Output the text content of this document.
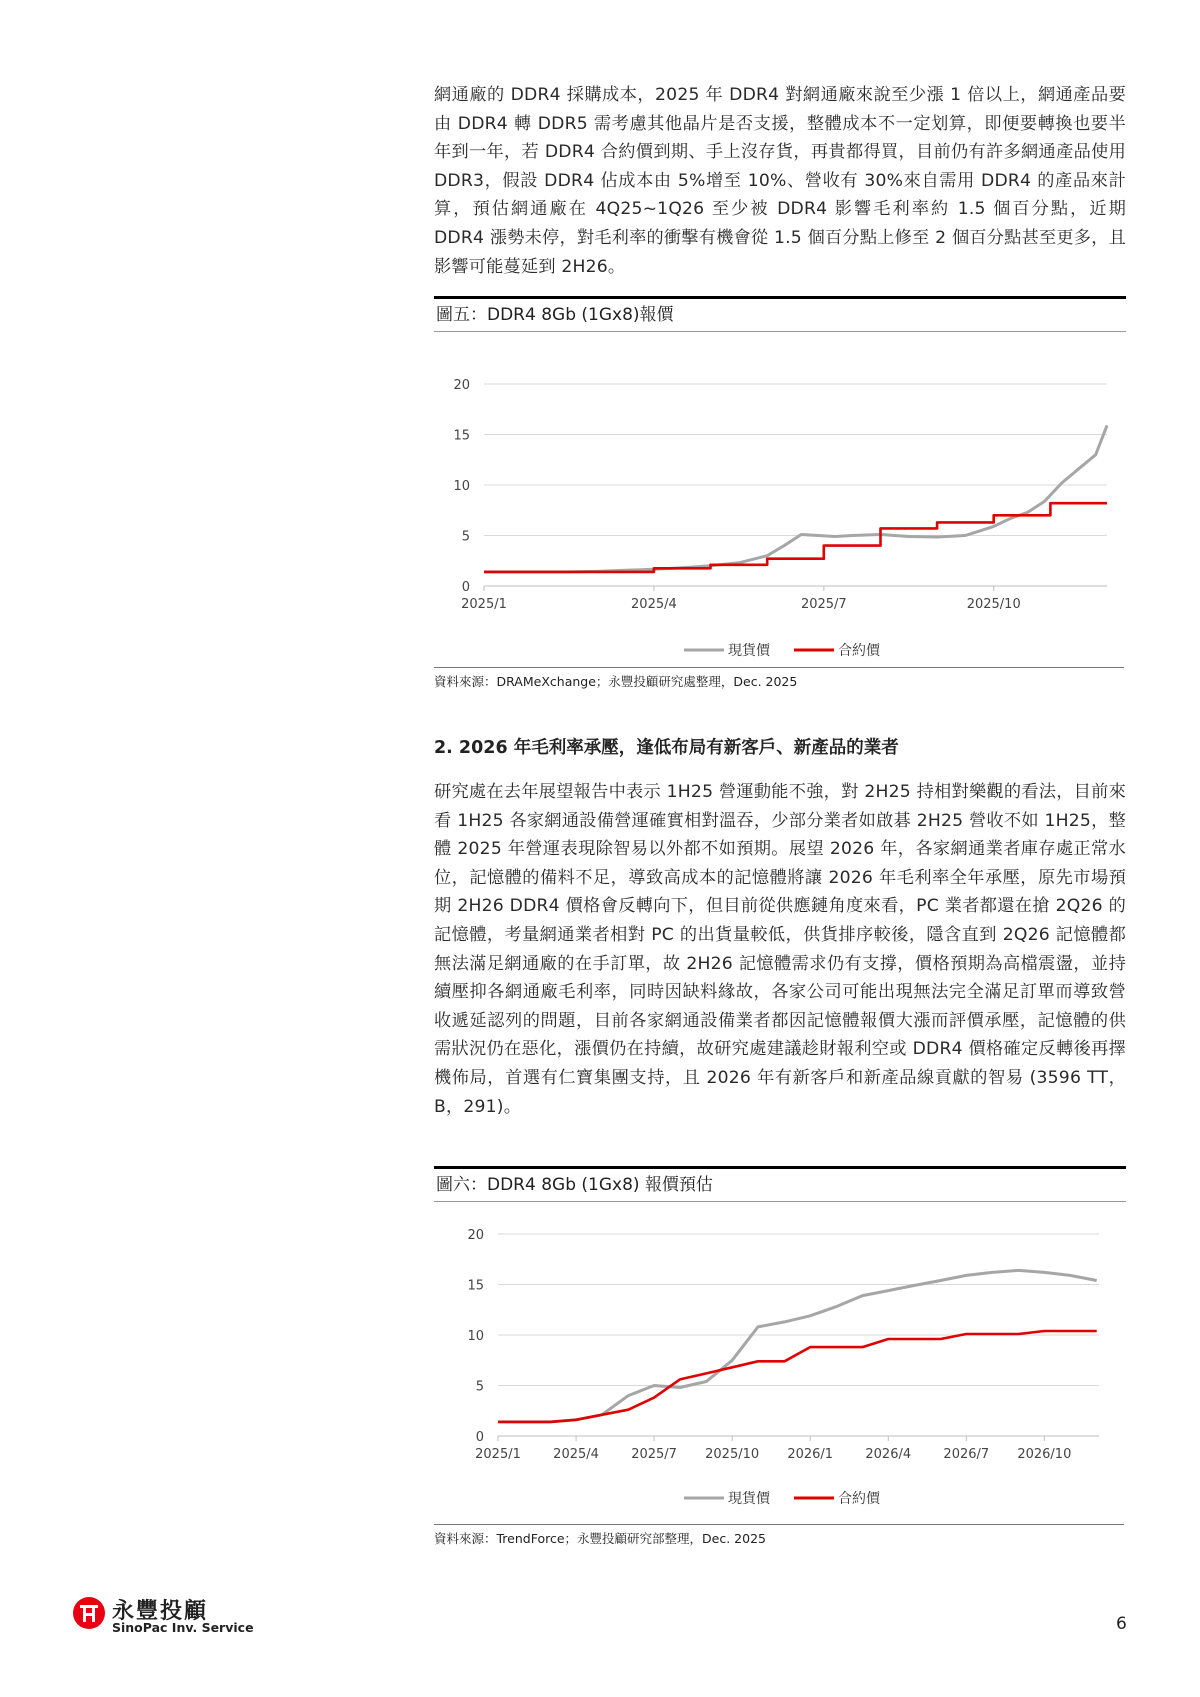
網通廠的 DDR4 採購成本，2025 年 DDR4 對網通廠來說至少漲 1 倍以上，網通產品要由 DDR4 轉 DDR5 需考慮其他晶片是否支援，整體成本不一定划算，即便要轉換也要半年到一年，若 DDR4 合約價到期、手上沒存貨，再貴都得買，目前仍有許多網通產品使用 DDR3，假設 DDR4 佔成本由 5%增至 10%、營收有 30%來自需用 DDR4 的產品來計算，預估網通廠在 4Q25~1Q26 至少被 DDR4 影響毛利率約 1.5 個百分點，近期 DDR4 漲勢未停，對毛利率的衝擊有機會從 1.5 個百分點上修至 2 個百分點甚至更多，且影響可能蔓延到 2H26。

圖五：DDR4 8Gb (1Gx8)報價
0
5
10
15
20
2025/1	2025/4	2025/7	2025/10
現貨價	合約價
資料來源：DRAMeXchange；永豐投顧研究處整理，Dec. 2025
2. 2026 年毛利率承壓，逢低布局有新客戶、新產品的業者

研究處在去年展望報告中表示 1H25 營運動能不強，對 2H25 持相對樂觀的看法，目前來看 1H25 各家網通設備營運確實相對溫吞，少部分業者如啟碁 2H25 營收不如 1H25，整體 2025 年營運表現除智易以外都不如預期。展望 2026 年，各家網通業者庫存處正常水位，記憶體的備料不足，導致高成本的記憶體將讓 2026 年毛利率全年承壓，原先市場預期 2H26 DDR4 價格會反轉向下，但目前從供應鏈角度來看，PC 業者都還在搶 2Q26 的記憶體，考量網通業者相對 PC 的出貨量較低，供貨排序較後，隱含直到 2Q26 記憶體都無法滿足網通廠的在手訂單，故 2H26 記憶體需求仍有支撐，價格預期為高檔震盪，並持續壓抑各網通廠毛利率，同時因缺料緣故，各家公司可能出現無法完全滿足訂單而導致營收遞延認列的問題，目前各家網通設備業者都因記憶體報價大漲而評價承壓，記憶體的供需狀況仍在惡化，漲價仍在持續，故研究處建議趁財報利空或 DDR4 價格確定反轉後再擇機佈局，首選有仁寶集團支持，且 2026 年有新客戶和新產品線貢獻的智易 (3596 TT，B，291)。

圖六：DDR4 8Gb (1Gx8) 報價預估
0
5
10
15
20
2025/1 2025/4 2025/7 2025/10 2026/1 2026/4 2026/7 2026/10
現貨價	合約價
資料來源：TrendForce；永豐投顧研究部整理，Dec. 2025
永豐投顧
SinoPac Inv. Service	6
